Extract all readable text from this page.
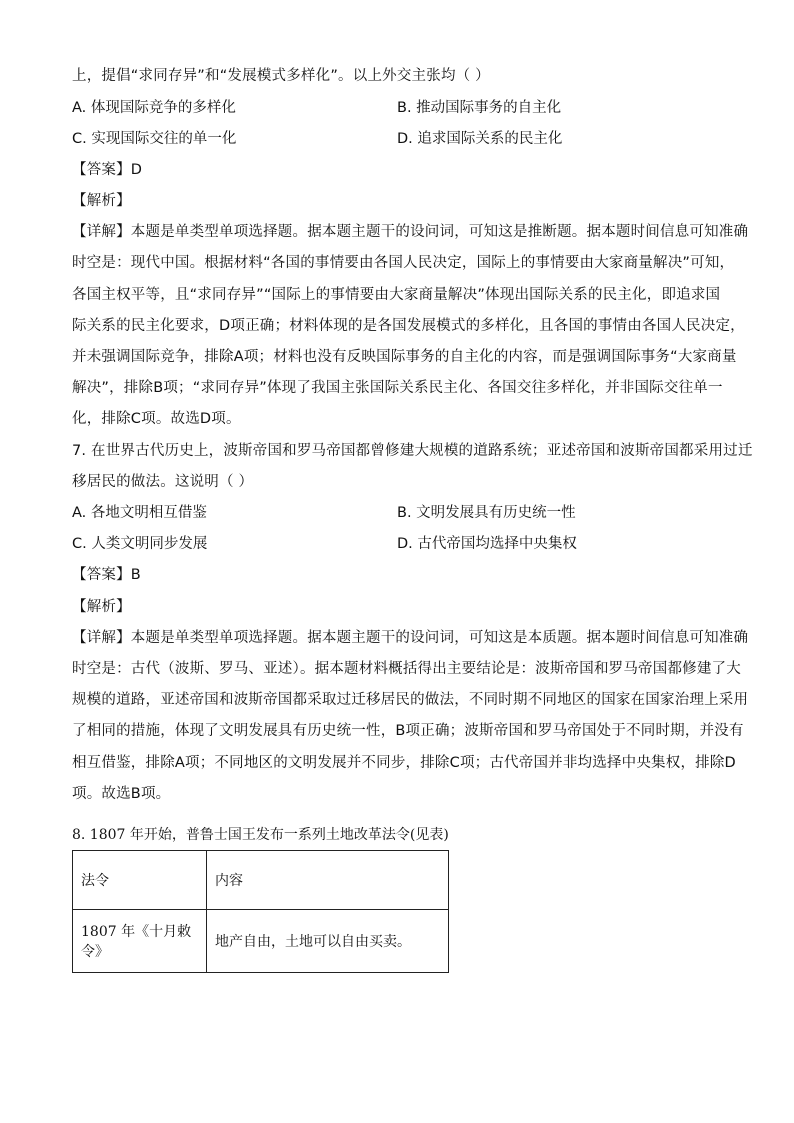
上，提倡“求同存异”和“发展模式多样化”。以上外交主张均（ ）
A. 体现国际竞争的多样化	B. 推动国际事务的自主化
C. 实现国际交往的单一化	D. 追求国际关系的民主化
【答案】D
【解析】
【详解】本题是单类型单项选择题。据本题主题干的设问词，可知这是推断题。据本题时间信息可知准确
时空是：现代中国。根据材料“各国的事情要由各国人民决定，国际上的事情要由大家商量解决”可知，
各国主权平等，且“求同存异”“国际上的事情要由大家商量解决”体现出国际关系的民主化，即追求国
际关系的民主化要求，D项正确；材料体现的是各国发展模式的多样化，且各国的事情由各国人民决定，
并未强调国际竞争，排除A项；材料也没有反映国际事务的自主化的内容，而是强调国际事务“大家商量
解决”，排除B项；“求同存异”体现了我国主张国际关系民主化、各国交往多样化，并非国际交往单一
化，排除C项。故选D项。
7. 在世界古代历史上，波斯帝国和罗马帝国都曾修建大规模的道路系统；亚述帝国和波斯帝国都采用过迁
移居民的做法。这说明（ ）
A. 各地文明相互借鉴	B. 文明发展具有历史统一性
C. 人类文明同步发展	D. 古代帝国均选择中央集权
【答案】B
【解析】
【详解】本题是单类型单项选择题。据本题主题干的设问词，可知这是本质题。据本题时间信息可知准确
时空是：古代（波斯、罗马、亚述）。据本题材料概括得出主要结论是：波斯帝国和罗马帝国都修建了大
规模的道路，亚述帝国和波斯帝国都采取过迁移居民的做法，不同时期不同地区的国家在国家治理上采用
了相同的措施，体现了文明发展具有历史统一性，B项正确；波斯帝国和罗马帝国处于不同时期，并没有
相互借鉴，排除A项；不同地区的文明发展并不同步，排除C项；古代帝国并非均选择中央集权，排除D
项。故选B项。
8. 1807 年开始，普鲁士国王发布一系列土地改革法令(见表)
法令	内容
1807 年《十月敕令》	地产自由，土地可以自由买卖。
